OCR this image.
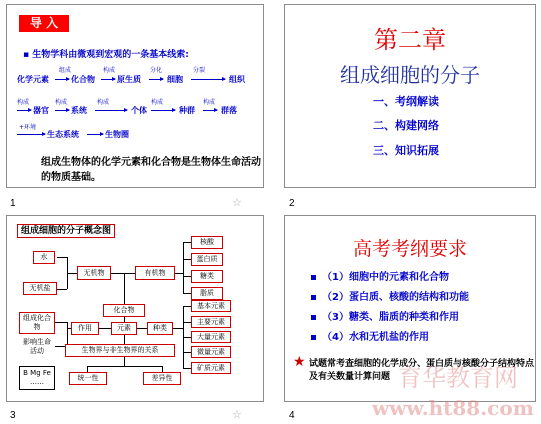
导 入
▪ 生物学科由微观到宏观的一条基本线索:
化学元素
组成
化合物
构成
原生质
分化
细胞
分裂
组织
构成
器官
构成
系统
构成
个体
构成
种群
构成
群落
+环境
生态系统	生物圈
组成生物体的化学元素和化合物是生物体生命活动的物质基础。
1	☆
第二章
组成细胞的分子
一、考纲解读
二、构建网络
三、知识拓展
2
组成细胞的分子概念图
水
无机盐
无机物	有机物
核酸
蛋白质
糖类
脂质
化合物
组成化合物
影响生命活动
作用	元素	种类
基本元素
主要元素
大量元素
微量元素
矿质元素
生物界与非生物界的关系
统一性	差异性
B Mg Fe ……
3	☆
高考考纲要求
（1）细胞中的元素和化合物
（2）蛋白质、核酸的结构和功能
（3）糖类、脂质的种类和作用
（4）水和无机盐的作用
★ 试题常考查细胞的化学成分、蛋白质与核酸分子结构特点及有关数量计算问题
4
育华教育网
www.ht88.com
